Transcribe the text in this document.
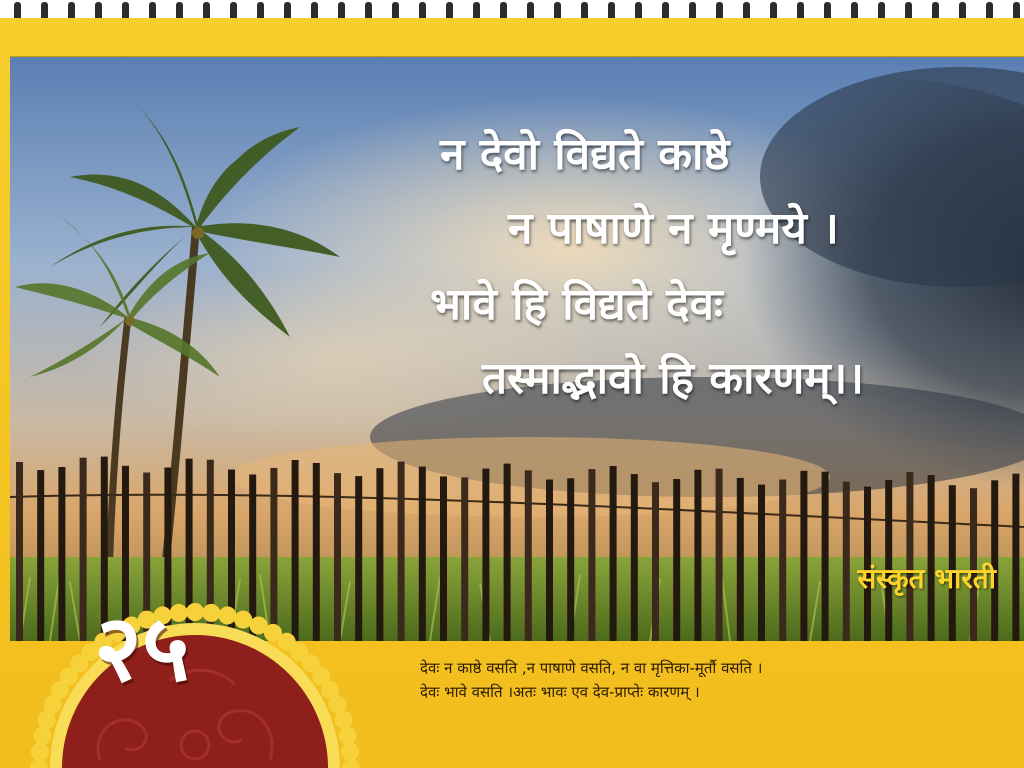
न देवो विद्यते काष्ठे
न पाषाणे न मृण्मये ।
भावे हि विद्यते देवः
तस्माद्भावो हि कारणम्।।
संस्कृत भारती
२५	देवः न काष्ठे वसति ,न पाषाणे वसति, न वा मृत्तिका-मूर्तौ वसति ।
देवः भावे वसति ।अतः भावः एव देव-प्राप्तेः कारणम् ।
